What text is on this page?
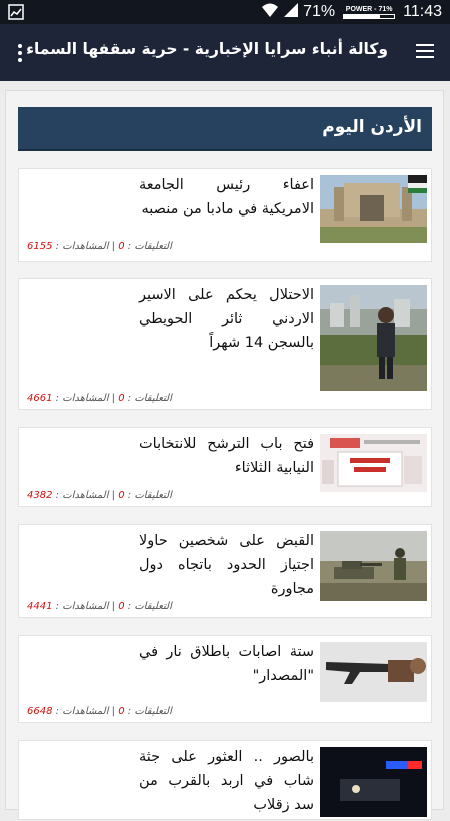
71% POWER - 71% 11:43
وكالة أنباء سرايا الإخبارية - حرية سقفها السماء
الأردن اليوم
اعفاء رئيس الجامعة الامريكية في مادبا من منصبه
التعليقات : 0 | المشاهدات : 6155
الاحتلال يحكم على الاسير الاردني ثائر الحويطي بالسجن 14 شهراً
التعليقات : 0 | المشاهدات : 4661
فتح باب الترشح للانتخابات النيابية الثلاثاء
التعليقات : 0 | المشاهدات : 4382
القبض على شخصين حاولا اجتياز الحدود باتجاه دول مجاورة
التعليقات : 0 | المشاهدات : 4441
ستة اصابات باطلاق نار في "المصدار"
التعليقات : 0 | المشاهدات : 6648
بالصور .. العثور على جثة شاب في اربد بالقرب من سد زقلاب
